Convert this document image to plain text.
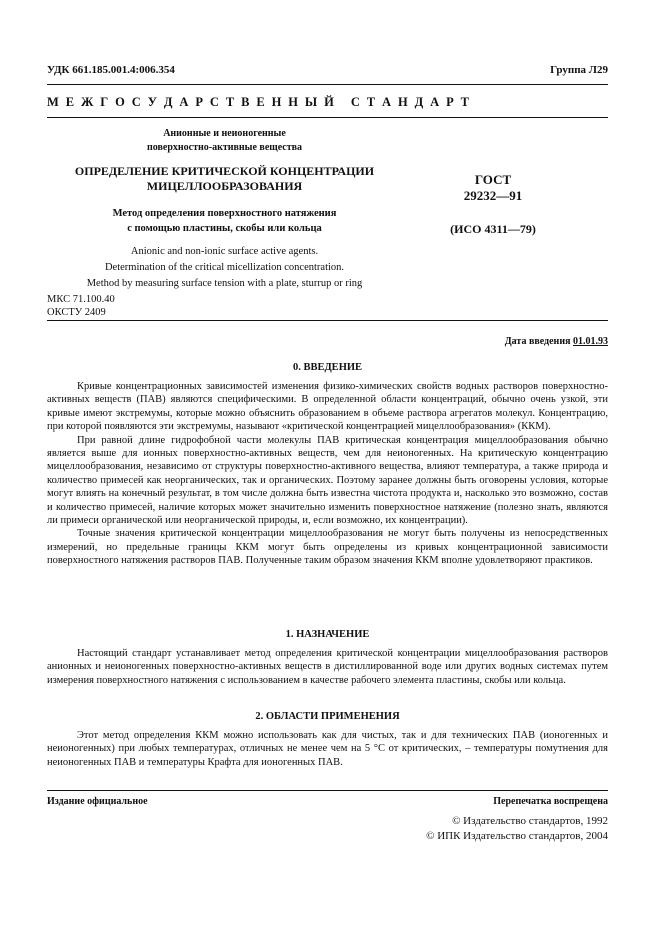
УДК 661.185.001.4:006.354	Группа Л29
М Е Ж Г О С У Д А Р С Т В Е Н Н Ы Й   С Т А Н Д А Р Т
Анионные и неионогенные
поверхностно-активные вещества
ОПРЕДЕЛЕНИЕ КРИТИЧЕСКОЙ КОНЦЕНТРАЦИИ
МИЦЕЛЛООБРАЗОВАНИЯ
Метод определения поверхностного натяжения
с помощью пластины, скобы или кольца
Anionic and non-ionic surface active agents.
Determination of the critical micellization concentration.
Method by measuring surface tension with a plate, sturrup or ring
ГОСТ
29232—91
(ИСО 4311—79)
МКС 71.100.40
ОКСТУ 2409
Дата введения 01.01.93
0. ВВЕДЕНИЕ

Кривые концентрационных зависимостей изменения физико-химических свойств водных растворов поверхностно-активных веществ (ПАВ) являются специфическими. В определенной области концентраций, обычно очень узкой, эти кривые имеют экстремумы, которые можно объяснить образованием в объеме раствора агрегатов молекул. Концентрацию, при которой появляются эти экстремумы, называют «критической концентрацией мицеллообразования» (ККМ).

При равной длине гидрофобной части молекулы ПАВ критическая концентрация мицеллообразования обычно является выше для ионных поверхностно-активных веществ, чем для неионогенных. На критическую концентрацию мицеллообразования, независимо от структуры поверхностно-активного вещества, влияют температура, а также природа и количество примесей как неорганических, так и органических. Поэтому заранее должны быть оговорены условия, которые могут влиять на конечный результат, в том числе должна быть известна чистота продукта и, насколько это возможно, состав и количество примесей, наличие которых может значительно изменить поверхностное натяжение (полезно знать, являются ли примеси органической или неорганической природы, и, если возможно, их концентрации).

Точные значения критической концентрации мицеллообразования не могут быть получены из непосредственных измерений, но предельные границы ККМ могут быть определены из кривых концентрационной зависимости поверхностного натяжения растворов ПАВ. Полученные таким образом значения ККМ вполне удовлетворяют практиков.

1. НАЗНАЧЕНИЕ

Настоящий стандарт устанавливает метод определения критической концентрации мицеллообразования растворов анионных и неионогенных поверхностно-активных веществ в дистиллированной воде или других водных системах путем измерения поверхностного натяжения с использованием в качестве рабочего элемента пластины, скобы или кольца.

2. ОБЛАСТИ ПРИМЕНЕНИЯ

Этот метод определения ККМ можно использовать как для чистых, так и для технических ПАВ (ионогенных и неионогенных) при любых температурах, отличных не менее чем на 5 °С от критических, – температуры помутнения для неионогенных ПАВ и температуры Крафта для ионогенных ПАВ.

Издание официальное	Перепечатка воспрещена
© Издательство стандартов, 1992
© ИПК Издательство стандартов, 2004
